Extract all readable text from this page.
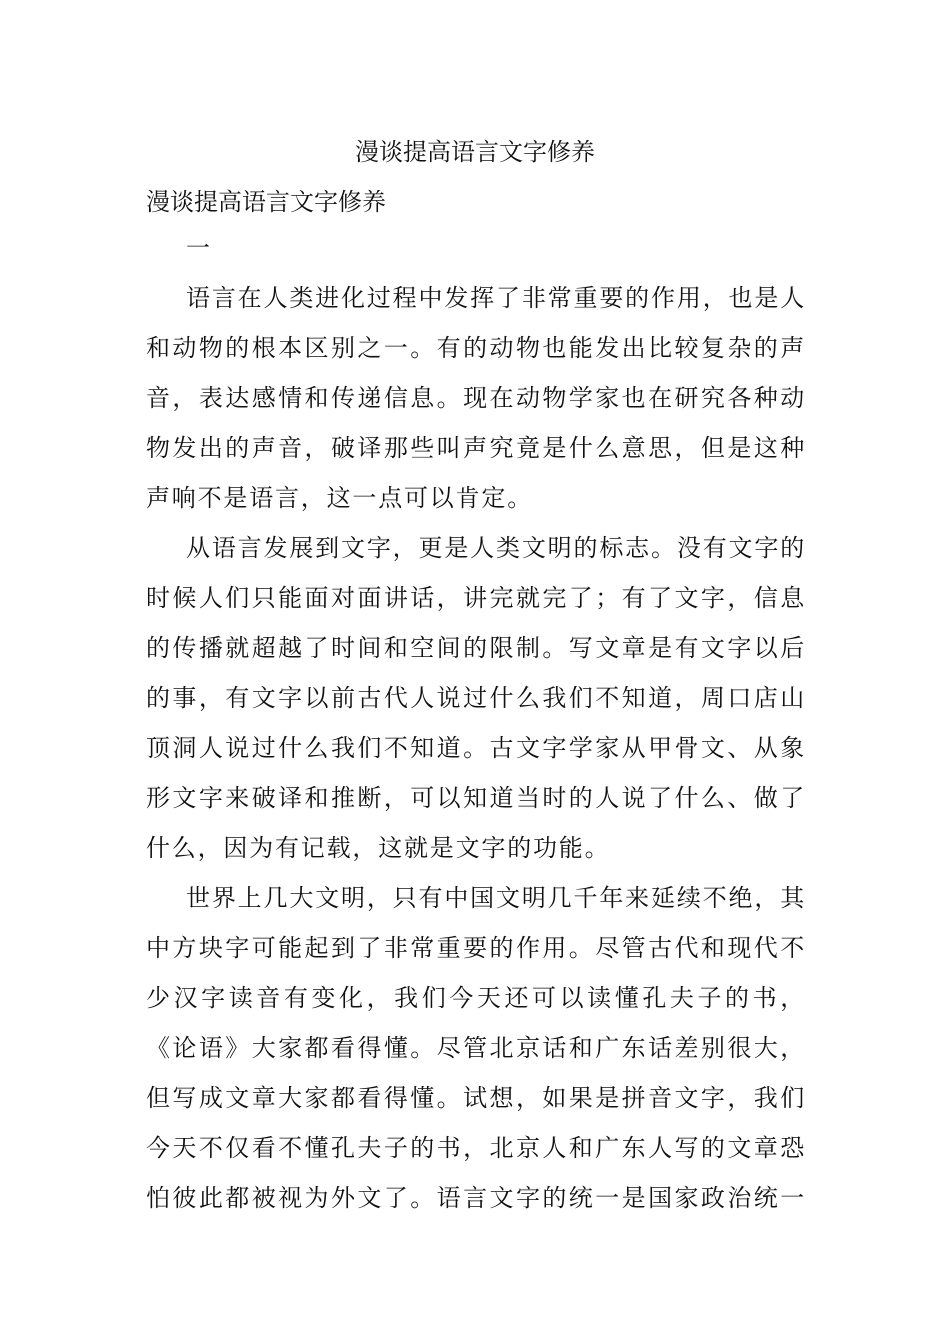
漫谈提高语言文字修养
漫谈提高语言文字修养
一
语言在人类进化过程中发挥了非常重要的作用，也是人
和动物的根本区别之一。有的动物也能发出比较复杂的声
音，表达感情和传递信息。现在动物学家也在研究各种动
物发出的声音，破译那些叫声究竟是什么意思，但是这种
声响不是语言，这一点可以肯定。
从语言发展到文字，更是人类文明的标志。没有文字的
时候人们只能面对面讲话，讲完就完了；有了文字，信息
的传播就超越了时间和空间的限制。写文章是有文字以后
的事，有文字以前古代人说过什么我们不知道，周口店山
顶洞人说过什么我们不知道。古文字学家从甲骨文、从象
形文字来破译和推断，可以知道当时的人说了什么、做了
什么，因为有记载，这就是文字的功能。
世界上几大文明，只有中国文明几千年来延续不绝，其
中方块字可能起到了非常重要的作用。尽管古代和现代不
少汉字读音有变化，我们今天还可以读懂孔夫子的书，
《论语》大家都看得懂。尽管北京话和广东话差别很大，
但写成文章大家都看得懂。试想，如果是拼音文字，我们
今天不仅看不懂孔夫子的书，北京人和广东人写的文章恐
怕彼此都被视为外文了。语言文字的统一是国家政治统一
